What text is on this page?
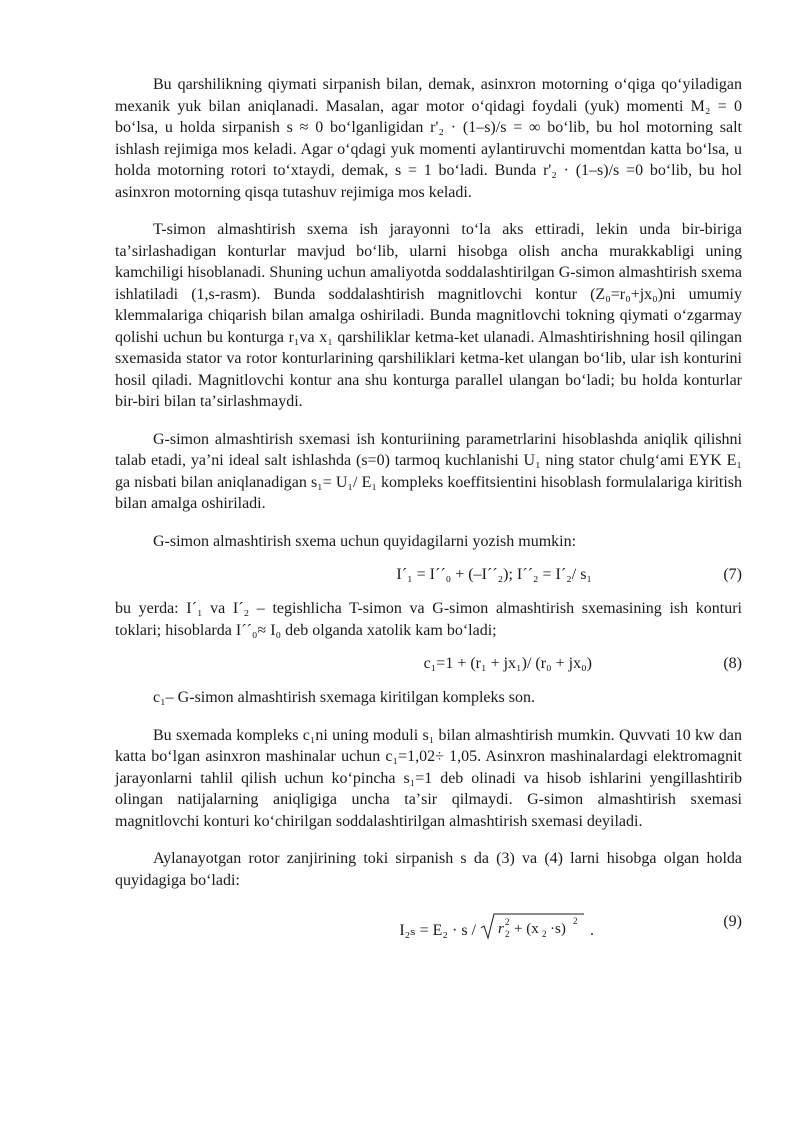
Bu qarshilikning qiymati sirpanish bilan, demak, asinxron motorning oʻqiga qoʻyiladigan mexanik yuk bilan aniqlanadi. Masalan, agar motor oʻqidagi foydali (yuk) momenti M₂ = 0 boʻlsa, u holda sirpanish s ≈ 0 boʻlganligidan r'₂ · (1–s)/s = ∞ boʻlib, bu hol motorning salt ishlash rejimiga mos keladi. Agar oʻqdagi yuk momenti aylantiruvchi momentdan katta boʻlsa, u holda motorning rotori toʻxtaydi, demak, s = 1 boʻladi. Bunda r'₂ · (1–s)/s =0 boʻlib, bu hol asinxron motorning qisqa tutashuv rejimiga mos keladi.

T-simon almashtirish sxema ish jarayonni toʻla aks ettiradi, lekin unda bir-biriga taʼsirlashadigan konturlar mavjud boʻlib, ularni hisobga olish ancha murakkabligi uning kamchiligi hisoblanadi. Shuning uchun amaliyotda soddalashtirilgan G-simon almashtirish sxema ishlatiladi (1,s-rasm). Bunda soddalashtirish magnitlovchi kontur (Z₀=r₀+jx₀)ni umumiy klemmalariga chiqarish bilan amalga oshiriladi. Bunda magnitlovchi tokning qiymati oʻzgarmay qolishi uchun bu konturga r₁va x₁ qarshiliklar ketma-ket ulanadi. Almashtirishning hosil qilingan sxemasida stator va rotor konturlarining qarshiliklari ketma-ket ulangan boʻlib, ular ish konturini hosil qiladi. Magnitlovchi kontur ana shu konturga parallel ulangan boʻladi; bu holda konturlar bir-biri bilan taʼsirlashmaydi.

G-simon almashtirish sxemasi ish konturiining parametrlarini hisoblashda aniqlik qilishni talab etadi, yaʼni ideal salt ishlashda (s=0) tarmoq kuchlanishi U₁ ning stator chulgʻami EYK E₁ ga nisbati bilan aniqlanadigan s₁= U₁/ E₁ kompleks koeffitsientini hisoblash formulalariga kiritish bilan amalga oshiriladi.

G-simon almashtirish sxema uchun quyidagilarni yozish mumkin:

I´₁ = I´´₀ + (–I´´₂); I´´₂ = I´₂/ s₁	(7)

bu yerda: I´₁ va I´₂ – tegishlicha T-simon va G-simon almashtirish sxemasining ish konturi toklari; hisoblarda I´´₀≈ I₀ deb olganda xatolik kam boʻladi;

c₁=1 + (r₁ + jx₁)/ (r₀ + jx₀)	(8)

c₁– G-simon almashtirish sxemaga kiritilgan kompleks son.

Bu sxemada kompleks c₁ni uning moduli s₁ bilan almashtirish mumkin. Quvvati 10 kw dan katta boʻlgan asinxron mashinalar uchun c₁=1,02÷ 1,05. Asinxron mashinalardagi elektromagnit jarayonlarni tahlil qilish uchun koʻpincha s₁=1 deb olinadi va hisob ishlarini yengillashtirib olingan natijalarning aniqligiga uncha taʼsir qilmaydi. G-simon almashtirish sxemasi magnitlovchi konturi koʻchirilgan soddalashtirilgan almashtirish sxemasi deyiladi.

Aylanayotgan rotor zanjirining toki sirpanish s da (3) va (4) larni hisobga olgan holda quyidagiga boʻladi:

I₂ₛ = E₂ · s / r 2
2 + (x 2 ·s) 2
.
(9)
